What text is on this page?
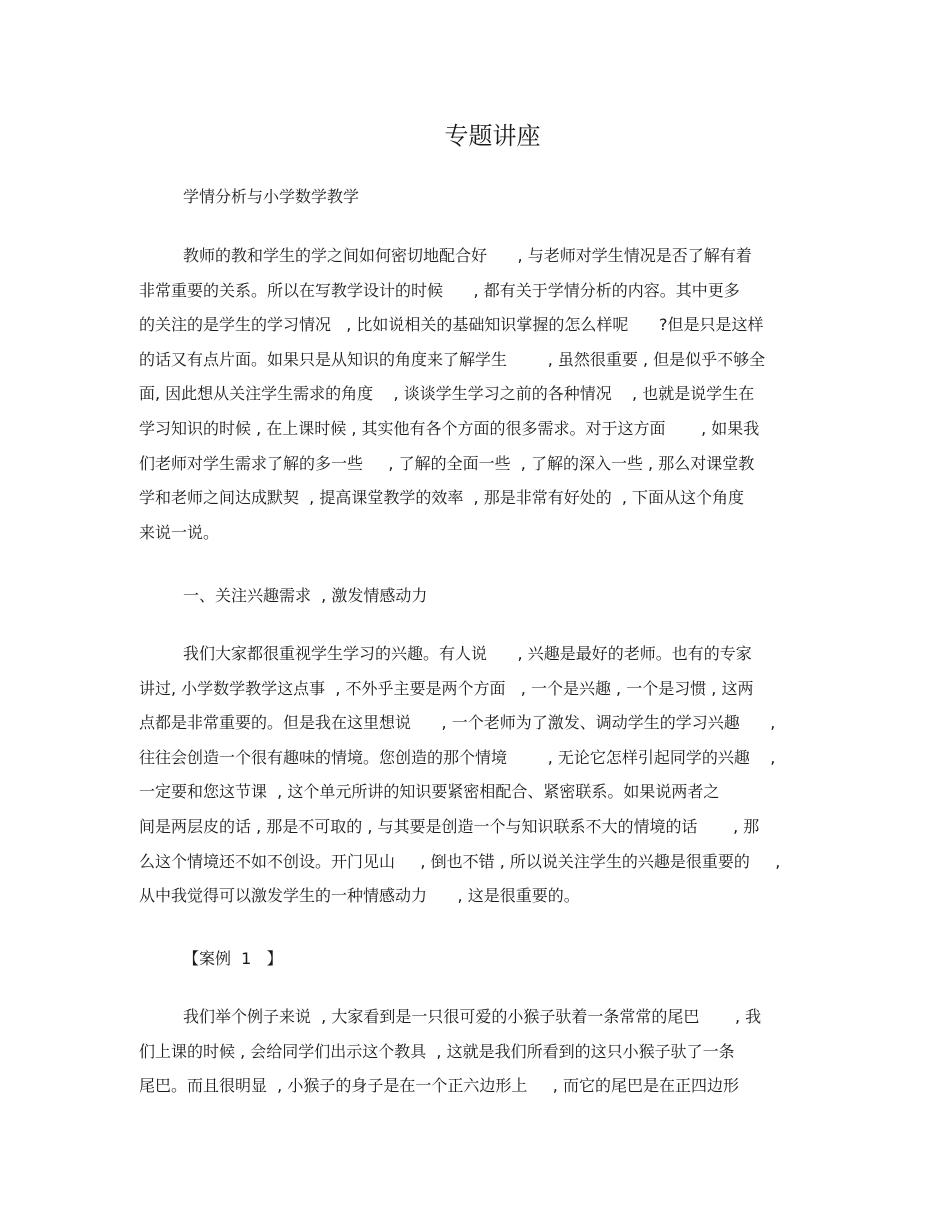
专题讲座
学情分析与小学数学教学
教师的教和学生的学之间如何密切地配合好      , 与老师对学生情况是否了解有着
非常重要的关系。所以在写教学设计的时候      , 都有关于学情分析的内容。其中更多
的关注的是学生的学习情况   , 比如说相关的基础知识掌握的怎么样呢      ?但是只是这样
的话又有点片面。如果只是从知识的角度来了解学生        , 虽然很重要 , 但是似乎不够全
面, 因此想从关注学生需求的角度    , 谈谈学生学习之前的各种情况    , 也就是说学生在
学习知识的时候 , 在上课时候 , 其实他有各个方面的很多需求。对于这方面       , 如果我
们老师对学生需求了解的多一些     , 了解的全面一些  , 了解的深入一些 , 那么对课堂教
学和老师之间达成默契  , 提高课堂教学的效率  , 那是非常有好处的  , 下面从这个角度
来说一说。
一、关注兴趣需求  , 激发情感动力
我们大家都很重视学生学习的兴趣。有人说      , 兴趣是最好的老师。也有的专家
讲过, 小学数学教学这点事  , 不外乎主要是两个方面   , 一个是兴趣 , 一个是习惯 , 这两
点都是非常重要的。但是我在这里想说      , 一个老师为了激发、调动学生的学习兴趣      ,
往往会创造一个很有趣味的情境。您创造的那个情境        , 无论它怎样引起同学的兴趣    ,
一定要和您这节课  , 这个单元所讲的知识要紧密相配合、紧密联系。如果说两者之
间是两层皮的话 , 那是不可取的 , 与其要是创造一个与知识联系不大的情境的话       , 那
么这个情境还不如不创设。开门见山     , 倒也不错 , 所以说关注学生的兴趣是很重要的     ,
从中我觉得可以激发学生的一种情感动力      , 这是很重要的。
【案例  1   】
我们举个例子来说  , 大家看到是一只很可爱的小猴子驮着一条常常的尾巴       , 我
们上课的时候 , 会给同学们出示这个教具  , 这就是我们所看到的这只小猴子驮了一条
尾巴。而且很明显  , 小猴子的身子是在一个正六边形上     , 而它的尾巴是在正四边形
